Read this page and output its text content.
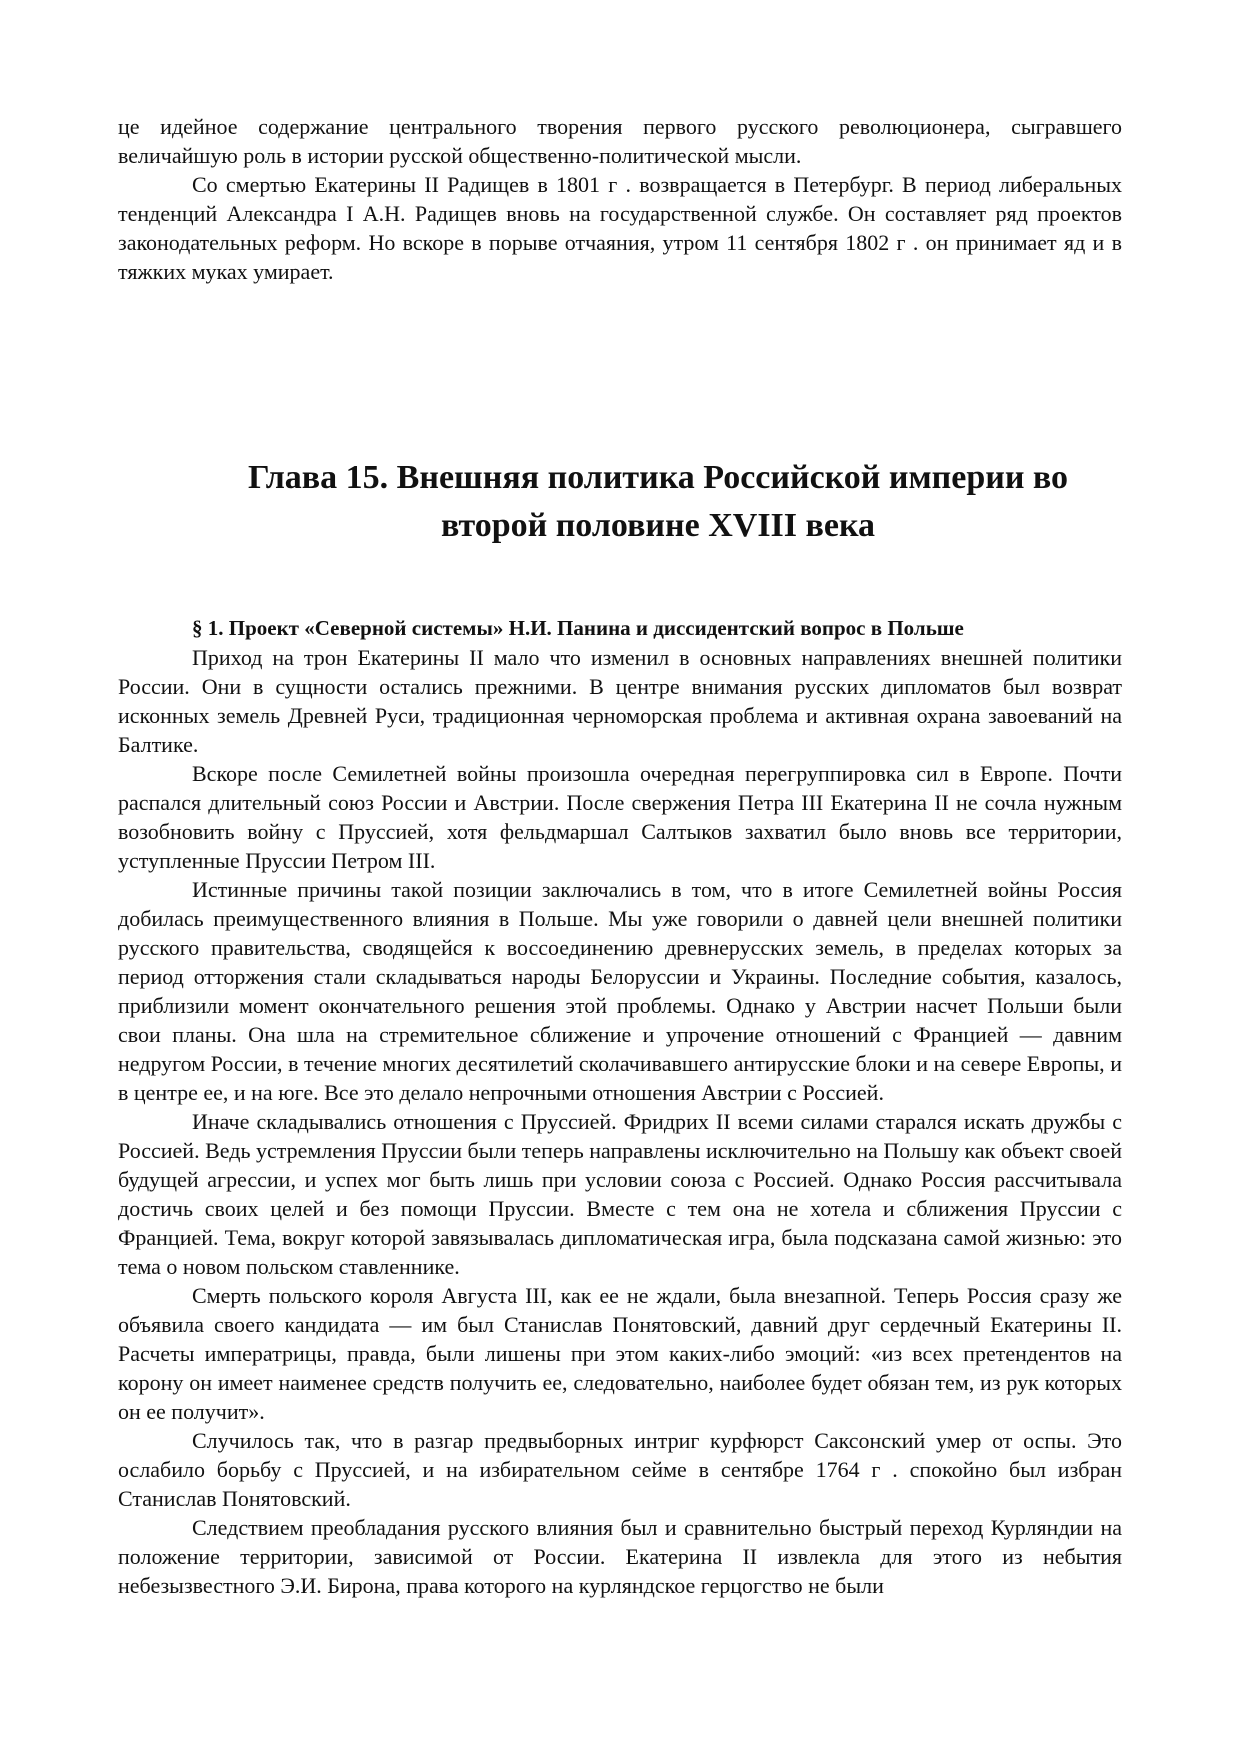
це идейное содержание центрального творения первого русского революционера, сыгравшего величайшую роль в истории русской общественно-политической мысли.

Со смертью Екатерины II Радищев в 1801 г . возвращается в Петербург. В период либеральных тенденций Александра I А.Н. Радищев вновь на государственной службе. Он составляет ряд проектов законодательных реформ. Но вскоре в порыве отчаяния, утром 11 сентября 1802 г . он принимает яд и в тяжких муках умирает.

Глава 15. Внешняя политика Российской империи во
второй половине XVIII века
§ 1. Проект «Северной системы» Н.И. Панина и диссидентский вопрос в Польше

Приход на трон Екатерины II мало что изменил в основных направлениях внешней политики России. Они в сущности остались прежними. В центре внимания русских дипломатов был возврат исконных земель Древней Руси, традиционная черноморская проблема и активная охрана завоеваний на Балтике.

Вскоре после Семилетней войны произошла очередная перегруппировка сил в Европе. Почти распался длительный союз России и Австрии. После свержения Петра III Екатерина II не сочла нужным возобновить войну с Пруссией, хотя фельдмаршал Салтыков захватил было вновь все территории, уступленные Пруссии Петром III.

Истинные причины такой позиции заключались в том, что в итоге Семилетней войны Россия добилась преимущественного влияния в Польше. Мы уже говорили о давней цели внешней политики русского правительства, сводящейся к воссоединению древнерусских земель, в пределах которых за период отторжения стали складываться народы Белоруссии и Украины. Последние события, казалось, приблизили момент окончательного решения этой проблемы. Однако у Австрии насчет Польши были свои планы. Она шла на стремительное сближение и упрочение отношений с Францией — давним недругом России, в течение многих десятилетий сколачивавшего антирусские блоки и на севере Европы, и в центре ее, и на юге. Все это делало непрочными отношения Австрии с Россией.

Иначе складывались отношения с Пруссией. Фридрих II всеми силами старался искать дружбы с Россией. Ведь устремления Пруссии были теперь направлены исключительно на Польшу как объект своей будущей агрессии, и успех мог быть лишь при условии союза с Россией. Однако Россия рассчитывала достичь своих целей и без помощи Пруссии. Вместе с тем она не хотела и сближения Пруссии с Францией. Тема, вокруг которой завязывалась дипломатическая игра, была подсказана самой жизнью: это тема о новом польском ставленнике.

Смерть польского короля Августа III, как ее не ждали, была внезапной. Теперь Россия сразу же объявила своего кандидата — им был Станислав Понятовский, давний друг сердечный Екатерины II. Расчеты императрицы, правда, были лишены при этом каких-либо эмоций: «из всех претендентов на корону он имеет наименее средств получить ее, следовательно, наиболее будет обязан тем, из рук которых он ее получит».

Случилось так, что в разгар предвыборных интриг курфюрст Саксонский умер от оспы. Это ослабило борьбу с Пруссией, и на избирательном сейме в сентябре 1764 г . спокойно был избран Станислав Понятовский.

Следствием преобладания русского влияния был и сравнительно быстрый переход Курляндии на положение территории, зависимой от России. Екатерина II извлекла для этого из небытия небезызвестного Э.И. Бирона, права которого на курляндское герцогство не были
